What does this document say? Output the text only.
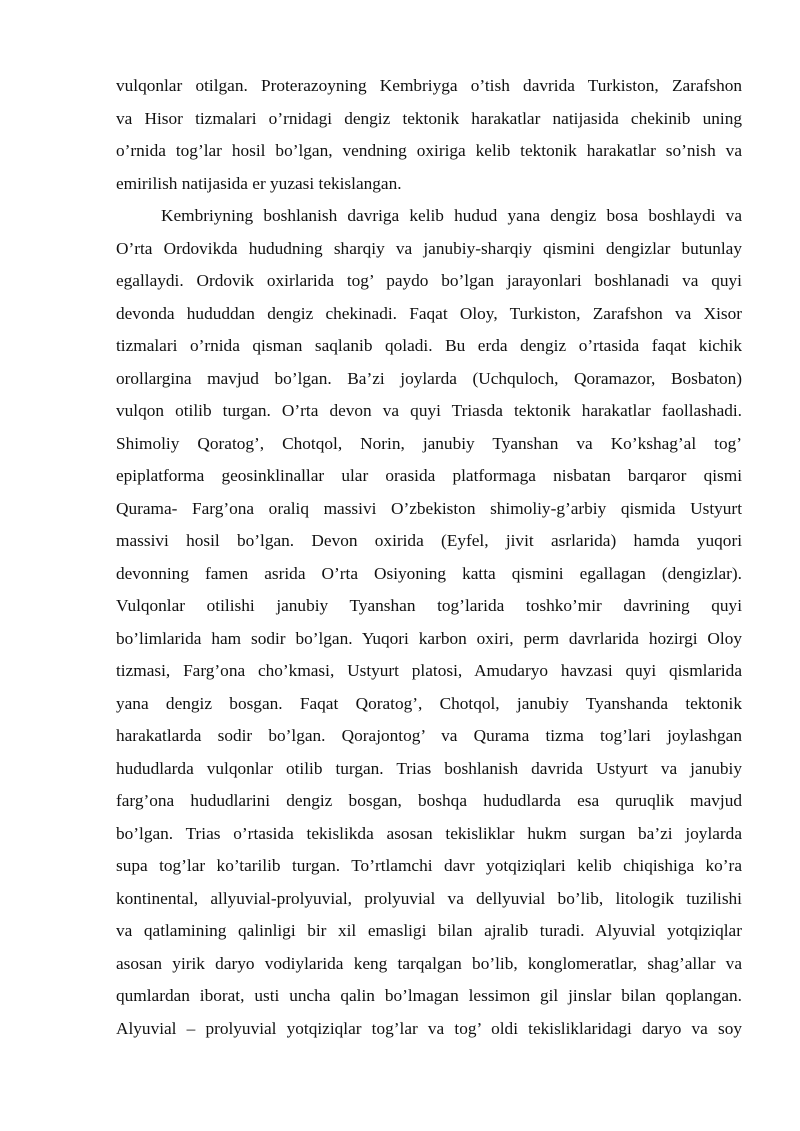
vulqonlar otilgan. Proterazoyning Kembriyga o’tish davrida Turkiston, Zarafshon
va Hisor tizmalari o’rnidagi dengiz tektonik harakatlar natijasida chekinib uning
o’rnida tog’lar hosil bo’lgan, vendning oxiriga kelib tektonik harakatlar so’nish va
emirilish natijasida er yuzasi tekislangan.
Kembriyning boshlanish davriga kelib hudud yana dengiz bosa boshlaydi va
O’rta Ordovikda hududning sharqiy va janubiy-sharqiy qismini dengizlar butunlay
egallaydi. Ordovik oxirlarida tog’ paydo bo’lgan jarayonlari boshlanadi va quyi
devonda hududdan dengiz chekinadi. Faqat Oloy, Turkiston, Zarafshon va Xisor
tizmalari o’rnida qisman saqlanib qoladi. Bu erda dengiz o’rtasida faqat kichik
orollargina mavjud bo’lgan. Ba’zi joylarda (Uchquloch, Qoramazor, Bosbaton)
vulqon otilib turgan. O’rta devon va quyi Triasda tektonik harakatlar faollashadi.
Shimoliy Qoratog’, Chotqol, Norin, janubiy Tyanshan va Ko’kshag’al tog’
epiplatforma geosinklinallar ular orasida platformaga nisbatan barqaror qismi
Qurama- Farg’ona oraliq massivi O’zbekiston shimoliy-g’arbiy qismida Ustyurt
massivi hosil bo’lgan. Devon oxirida (Eyfel, jivit asrlarida) hamda yuqori
devonning famen asrida O’rta Osiyoning katta qismini egallagan (dengizlar).
Vulqonlar otilishi janubiy Tyanshan tog’larida toshko’mir davrining quyi
bo’limlarida ham sodir bo’lgan. Yuqori karbon oxiri, perm davrlarida hozirgi Oloy
tizmasi, Farg’ona cho’kmasi, Ustyurt platosi, Amudaryo havzasi quyi qismlarida
yana dengiz bosgan. Faqat Qoratog’, Chotqol, janubiy Tyanshanda tektonik
harakatlarda sodir bo’lgan. Qorajontog’ va Qurama tizma tog’lari joylashgan
hududlarda vulqonlar otilib turgan. Trias boshlanish davrida Ustyurt va janubiy
farg’ona hududlarini dengiz bosgan, boshqa hududlarda esa quruqlik mavjud
bo’lgan. Trias o’rtasida tekislikda asosan tekisliklar hukm surgan ba’zi joylarda
supa tog’lar ko’tarilib turgan. To’rtlamchi davr yotqiziqlari kelib chiqishiga ko’ra
kontinental, allyuvial-prolyuvial, prolyuvial va dellyuvial bo’lib, litologik tuzilishi
va qatlamining qalinligi bir xil emasligi bilan ajralib turadi. Alyuvial yotqiziqlar
asosan yirik daryo vodiylarida keng tarqalgan bo’lib, konglomeratlar, shag’allar va
qumlardan iborat, usti uncha qalin bo’lmagan lessimon gil jinslar bilan qoplangan.
Alyuvial – prolyuvial yotqiziqlar tog’lar va tog’ oldi tekisliklaridagi daryo va soy
